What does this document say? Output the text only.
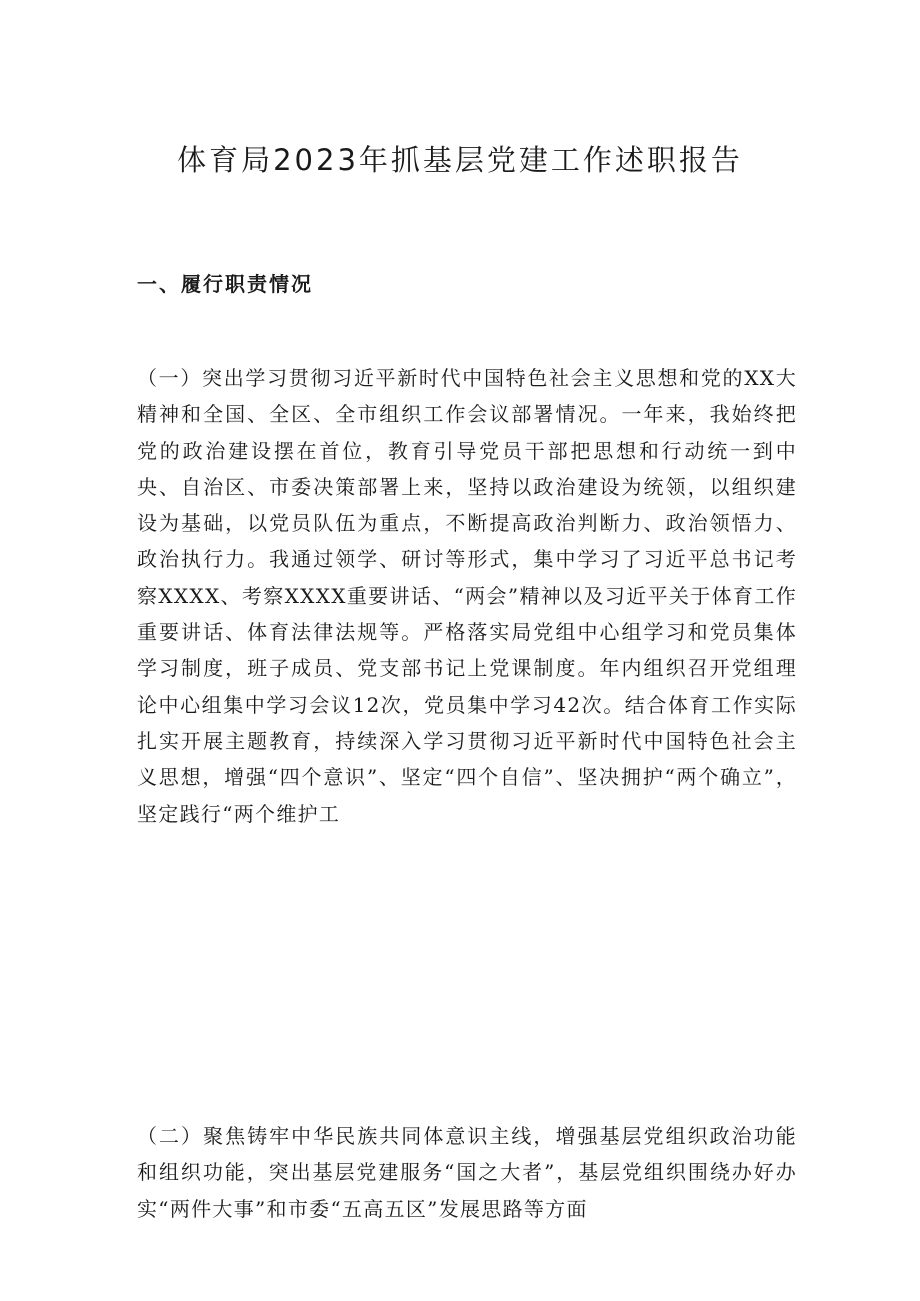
体育局2023年抓基层党建工作述职报告
一、履行职责情况

（一）突出学习贯彻习近平新时代中国特色社会主义思想和党的XX大精神和全国、全区、全市组织工作会议部署情况。一年来，我始终把党的政治建设摆在首位，教育引导党员干部把思想和行动统一到中央、自治区、市委决策部署上来，坚持以政治建设为统领，以组织建设为基础，以党员队伍为重点，不断提高政治判断力、政治领悟力、政治执行力。我通过领学、研讨等形式，集中学习了习近平总书记考察XXXX、考察XXXX重要讲话、“两会”精神以及习近平关于体育工作重要讲话、体育法律法规等。严格落实局党组中心组学习和党员集体学习制度，班子成员、党支部书记上党课制度。年内组织召开党组理论中心组集中学习会议12次，党员集中学习42次。结合体育工作实际扎实开展主题教育，持续深入学习贯彻习近平新时代中国特色社会主义思想，增强“四个意识”、坚定“四个自信”、坚决拥护“两个确立”，坚定践行“两个维护工

（二）聚焦铸牢中华民族共同体意识主线，增强基层党组织政治功能和组织功能，突出基层党建服务“国之大者”，基层党组织围绕办好办实“两件大事”和市委“五高五区”发展思路等方面
